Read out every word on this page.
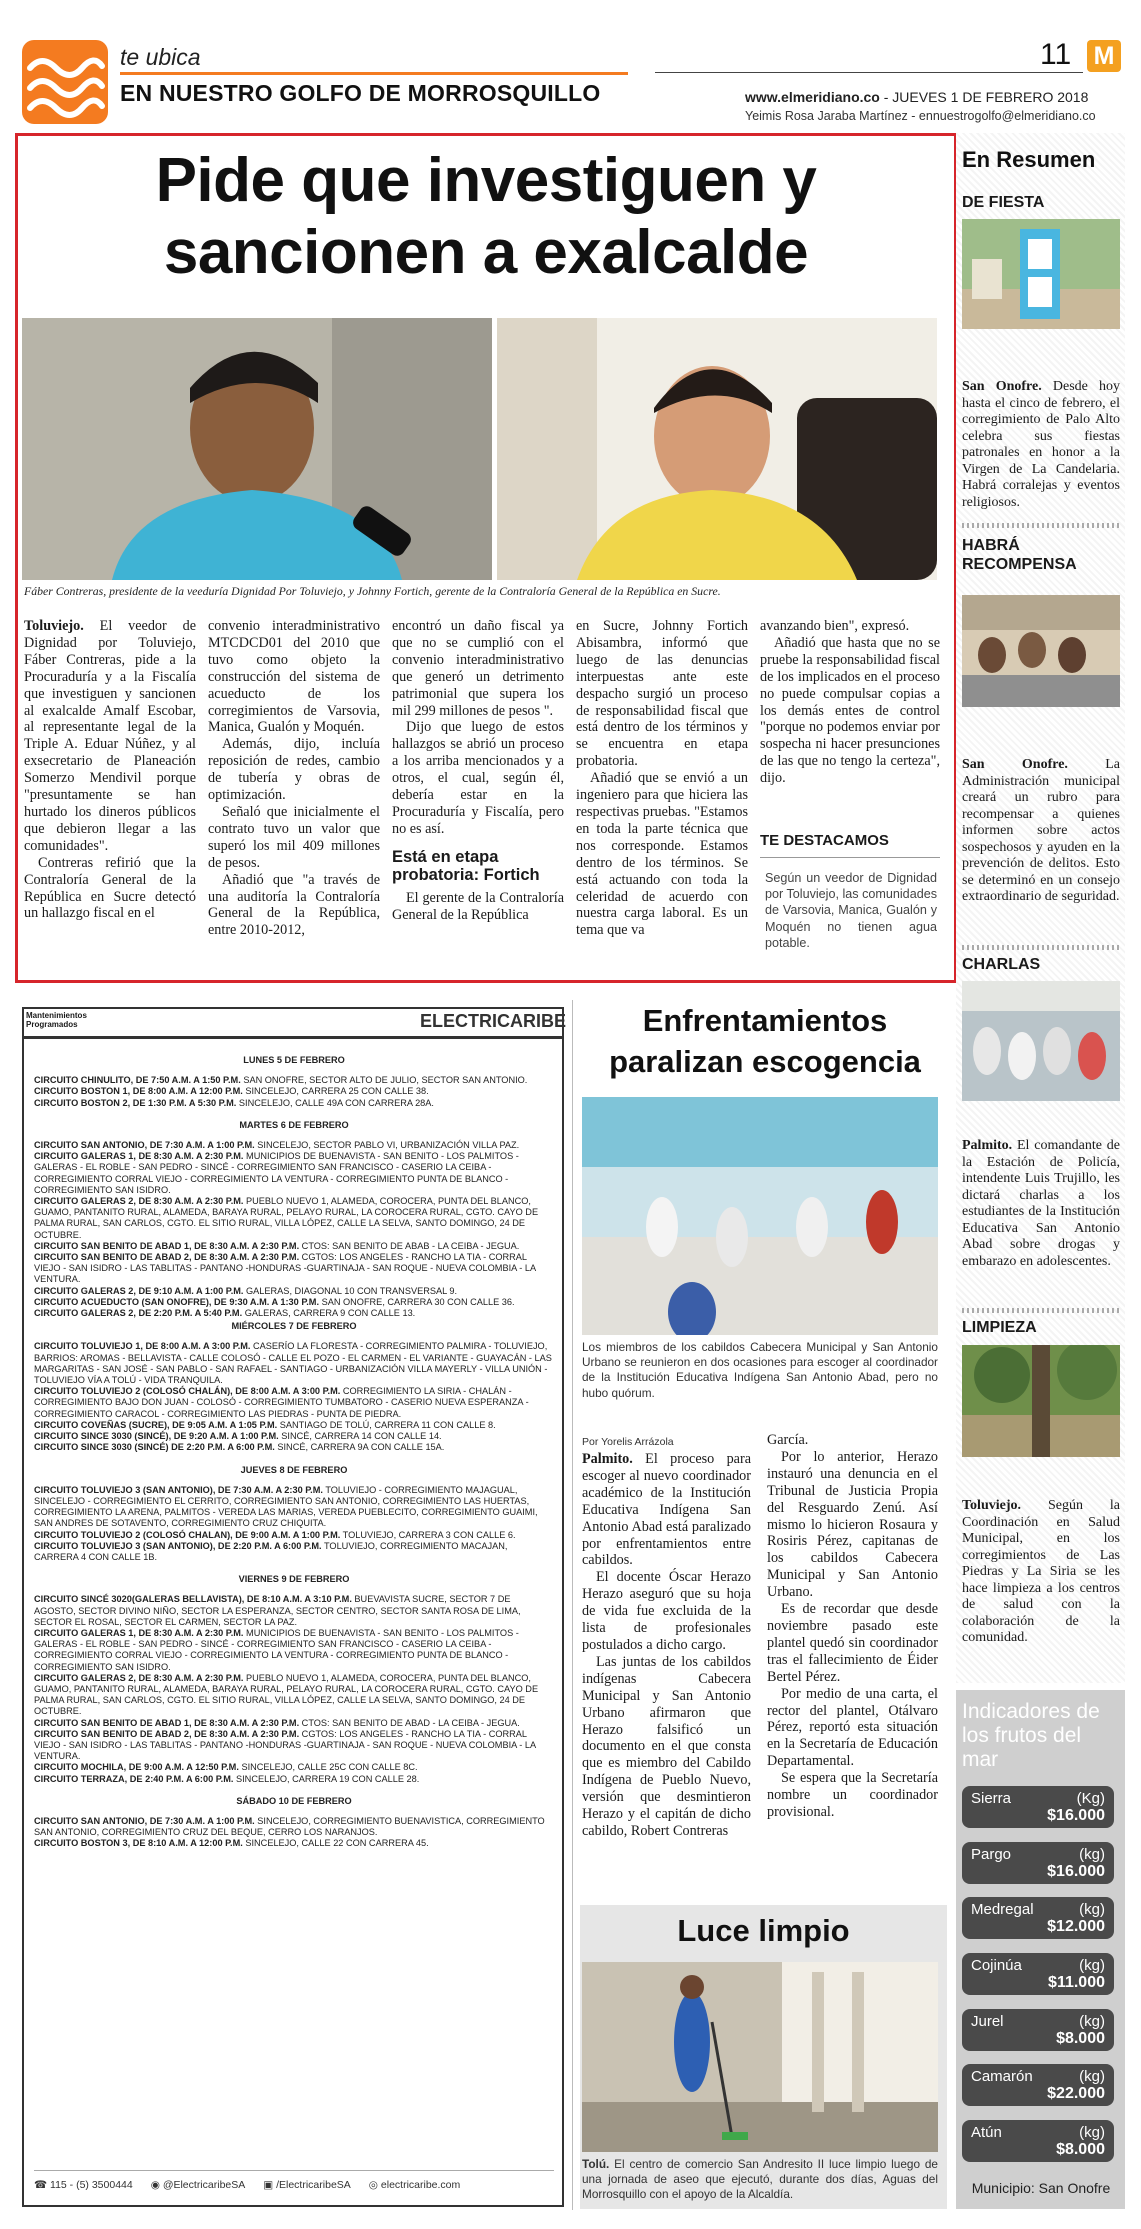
te ubica
EN NUESTRO GOLFO DE MORROSQUILLO
11 M
www.elmeridiano.co - JUEVES 1 DE FEBRERO 2018
Yeimis Rosa Jaraba Martínez - ennuestrogolfo@elmeridiano.co
Pide que investiguen y
sancionen a exalcalde
Fáber Contreras, presidente de la veeduría Dignidad Por Toluviejo, y Johnny Fortich, gerente de la Contraloría General de la República en Sucre.

Toluviejo. El veedor de Dignidad por Toluviejo, Fáber Contreras, pide a la Procuraduría y a la Fiscalía que investiguen y sancionen al exalcalde Amalf Escobar, al representante legal de la Triple A. Eduar Núñez, y al exsecretario de Planeación Somerzo Mendivil porque "presuntamente se han hurtado los dineros públicos que debieron llegar a las comunidades".

Contreras refirió que la Contraloría General de la República en Sucre detectó un hallazgo fiscal en el

convenio interadministrativo MTCDCD01 del 2010 que tuvo como objeto la construcción del sistema de acueducto de los corregimientos de Varsovia, Manica, Gualón y Moquén.

Además, dijo, incluía reposición de redes, cambio de tubería y obras de optimización.

Señaló que inicialmente el contrato tuvo un valor que superó los mil 409 millones de pesos.

Añadió que "a través de una auditoría la Contraloría General de la República, entre 2010-2012,

encontró un daño fiscal ya que no se cumplió con el convenio interadministrativo que generó un detrimento patrimonial que supera los mil 299 millones de pesos ".

Dijo que luego de estos hallazgos se abrió un proceso a los arriba mencionados y a otros, el cual, según él, debería estar en la Procuraduría y Fiscalía, pero no es así.

Está en etapa probatoria: Fortich

El gerente de la Contraloría General de la República

en Sucre, Johnny Fortich Abisambra, informó que luego de las denuncias interpuestas ante este despacho surgió un proceso de responsabilidad fiscal que está dentro de los términos y se encuentra en etapa probatoria.

Añadió que se envió a un ingeniero para que hiciera las respectivas pruebas. "Estamos en toda la parte técnica que nos corresponde. Estamos dentro de los términos. Se está actuando con toda la celeridad de acuerdo con nuestra carga laboral. Es un tema que va

avanzando bien", expresó.

Añadió que hasta que no se pruebe la responsabilidad fiscal de los implicados en el proceso no puede compulsar copias a los demás entes de control "porque no podemos enviar por sospecha ni hacer presunciones de las que no tengo la certeza", dijo.

TE DESTACAMOS
Según un veedor de Dignidad por Toluviejo, las comunidades de Varsovia, Manica, Gualón y Moquén no tienen agua potable.
En Resumen
DE FIESTA
San Onofre. Desde hoy hasta el cinco de febrero, el corregimiento de Palo Alto celebra sus fiestas patronales en honor a la Virgen de La Candelaria. Habrá corralejas y eventos religiosos.
HABRÁ RECOMPENSA
San Onofre. La Administración municipal creará un rubro para recompensar a quienes informen sobre actos sospechosos y ayuden en la prevención de delitos. Esto se determinó en un consejo extraordinario de seguridad.
CHARLAS
Palmito. El comandante de la Estación de Policía, intendente Luis Trujillo, les dictará charlas a los estudiantes de la Institución Educativa San Antonio Abad sobre drogas y embarazo en adolescentes.
LIMPIEZA
Toluviejo. Según la Coordinación en Salud Municipal, en los corregimientos de Las Piedras y La Siria se les hace limpieza a los centros de salud con la colaboración de la comunidad.
Indicadores de los frutos del mar
Sierra	(Kg)
$16.000
Pargo	(kg)
$16.000
Medregal	(kg)
$12.000
Cojinúa	(kg)
$11.000
Jurel	(kg)
$8.000
Camarón	(kg)
$22.000
Atún	(kg)
$8.000
Municipio: San Onofre
Mantenimientos Programados	ELECTRICARIBE
LUNES 5 DE FEBRERO

CIRCUITO CHINULITO, DE 7:50 A.M. A 1:50 P.M. SAN ONOFRE, SECTOR ALTO DE JULIO, SECTOR SAN ANTONIO.

CIRCUITO BOSTON 1, DE 8:00 A.M. A 12:00 P.M. SINCELEJO, CARRERA 25 CON CALLE 38.

CIRCUITO BOSTON 2, DE 1:30 P.M. A 5:30 P.M. SINCELEJO, CALLE 49A CON CARRERA 28A.

MARTES 6 DE FEBRERO

CIRCUITO SAN ANTONIO, DE 7:30 A.M. A 1:00 P.M. SINCELEJO, SECTOR PABLO VI, URBANIZACIÓN VILLA PAZ.

CIRCUITO GALERAS 1, DE 8:30 A.M. A 2:30 P.M. MUNICIPIOS DE BUENAVISTA - SAN BENITO - LOS PALMITOS - GALERAS - EL ROBLE - SAN PEDRO - SINCÉ - CORREGIMIENTO SAN FRANCISCO - CASERIO LA CEIBA - CORREGIMIENTO CORRAL VIEJO - CORREGIMIENTO LA VENTURA - CORREGIMIENTO PUNTA DE BLANCO - CORREGIMIENTO SAN ISIDRO.

CIRCUITO GALERAS 2, DE 8:30 A.M. A 2:30 P.M. PUEBLO NUEVO 1, ALAMEDA, COROCERA, PUNTA DEL BLANCO, GUAMO, PANTANITO RURAL, ALAMEDA, BARAYA RURAL, PELAYO RURAL, LA COROCERA RURAL, CGTO. CAYO DE PALMA RURAL, SAN CARLOS, CGTO. EL SITIO RURAL, VILLA LÓPEZ, CALLE LA SELVA, SANTO DOMINGO, 24 DE OCTUBRE.

CIRCUITO SAN BENITO DE ABAD 1, DE 8:30 A.M. A 2:30 P.M. CTOS: SAN BENITO DE ABAB - LA CEIBA - JEGUA.

CIRCUITO SAN BENITO DE ABAD 2, DE 8:30 A.M. A 2:30 P.M. CGTOS: LOS ANGELES - RANCHO LA TIA - CORRAL VIEJO - SAN ISIDRO - LAS TABLITAS - PANTANO -HONDURAS -GUARTINAJA - SAN ROQUE - NUEVA COLOMBIA - LA VENTURA.

CIRCUITO GALERAS 2, DE 9:10 A.M. A 1:00 P.M. GALERAS, DIAGONAL 10 CON TRANSVERSAL 9.

CIRCUITO ACUEDUCTO (SAN ONOFRE), DE 9:30 A.M. A 1:30 P.M. SAN ONOFRE, CARRERA 30 CON CALLE 36.

CIRCUITO GALERAS 2, DE 2:20 P.M. A 5:40 P.M. GALERAS, CARRERA 9 CON CALLE 13.

MIÉRCOLES 7 DE FEBRERO

CIRCUITO TOLUVIEJO 1, DE 8:00 A.M. A 3:00 P.M. CASERÍO LA FLORESTA - CORREGIMIENTO PALMIRA - TOLUVIEJO, BARRIOS: AROMAS - BELLAVISTA - CALLE COLOSÓ - CALLE EL POZO - EL CARMEN - EL VARIANTE - GUAYACÁN - LAS MARGARITAS - SAN JOSÉ - SAN PABLO - SAN RAFAEL - SANTIAGO - URBANIZACIÓN VILLA MAYERLY - VILLA UNIÓN - TOLUVIEJO VÍA A TOLÚ - VIDA TRANQUILA.

CIRCUITO TOLUVIEJO 2 (COLOSÓ CHALÁN), DE 8:00 A.M. A 3:00 P.M. CORREGIMIENTO LA SIRIA - CHALÁN - CORREGIMIENTO BAJO DON JUAN - COLOSÓ - CORREGIMIENTO TUMBATORO - CASERIO NUEVA ESPERANZA - CORREGIMIENTO CARACOL - CORREGIMIENTO LAS PIEDRAS - PUNTA DE PIEDRA.

CIRCUITO COVEÑAS (SUCRE), DE 9:05 A.M. A 1:05 P.M. SANTIAGO DE TOLÚ, CARRERA 11 CON CALLE 8.

CIRCUITO SINCE 3030 (SINCÉ), DE 9:20 A.M. A 1:00 P.M. SINCÉ, CARRERA 14 CON CALLE 14.

CIRCUITO SINCE 3030 (SINCÉ) DE 2:20 P.M. A 6:00 P.M. SINCÉ, CARRERA 9A CON CALLE 15A.

JUEVES 8 DE FEBRERO

CIRCUITO TOLUVIEJO 3 (SAN ANTONIO), DE 7:30 A.M. A 2:30 P.M. TOLUVIEJO - CORREGIMIENTO MAJAGUAL, SINCELEJO - CORREGIMIENTO EL CERRITO, CORREGIMIENTO SAN ANTONIO, CORREGIMIENTO LAS HUERTAS, CORREGIMIENTO LA ARENA, PALMITOS - VEREDA LAS MARIAS, VEREDA PUEBLECITO, CORREGIMIENTO GUAIMI, SAN ANDRES DE SOTAVENTO, CORREGIMIENTO CRUZ CHIQUITA.

CIRCUITO TOLUVIEJO 2 (COLOSÓ CHALAN), DE 9:00 A.M. A 1:00 P.M. TOLUVIEJO, CARRERA 3 CON CALLE 6.

CIRCUITO TOLUVIEJO 3 (SAN ANTONIO), DE 2:20 P.M. A 6:00 P.M. TOLUVIEJO, CORREGIMIENTO MACAJAN, CARRERA 4 CON CALLE 1B.

VIERNES 9 DE FEBRERO

CIRCUITO SINCÉ 3020(GALERAS BELLAVISTA), DE 8:10 A.M. A 3:10 P.M. BUEVAVISTA SUCRE, SECTOR 7 DE AGOSTO, SECTOR DIVINO NIÑO, SECTOR LA ESPERANZA, SECTOR CENTRO, SECTOR SANTA ROSA DE LIMA, SECTOR EL ROSAL, SECTOR EL CARMEN, SECTOR LA PAZ.

CIRCUITO GALERAS 1, DE 8:30 A.M. A 2:30 P.M. MUNICIPIOS DE BUENAVISTA - SAN BENITO - LOS PALMITOS - GALERAS - EL ROBLE - SAN PEDRO - SINCÉ - CORREGIMIENTO SAN FRANCISCO - CASERIO LA CEIBA - CORREGIMIENTO CORRAL VIEJO - CORREGIMIENTO LA VENTURA - CORREGIMIENTO PUNTA DE BLANCO - CORREGIMIENTO SAN ISIDRO.

CIRCUITO GALERAS 2, DE 8:30 A.M. A 2:30 P.M. PUEBLO NUEVO 1, ALAMEDA, COROCERA, PUNTA DEL BLANCO, GUAMO, PANTANITO RURAL, ALAMEDA, BARAYA RURAL, PELAYO RURAL, LA COROCERA RURAL, CGTO. CAYO DE PALMA RURAL, SAN CARLOS, CGTO. EL SITIO RURAL, VILLA LÓPEZ, CALLE LA SELVA, SANTO DOMINGO, 24 DE OCTUBRE.

CIRCUITO SAN BENITO DE ABAD 1, DE 8:30 A.M. A 2:30 P.M. CTOS: SAN BENITO DE ABAD - LA CEIBA - JEGUA.

CIRCUITO SAN BENITO DE ABAD 2, DE 8:30 A.M. A 2:30 P.M. CGTOS: LOS ANGELES - RANCHO LA TIA - CORRAL VIEJO - SAN ISIDRO - LAS TABLITAS - PANTANO -HONDURAS -GUARTINAJA - SAN ROQUE - NUEVA COLOMBIA - LA VENTURA.

CIRCUITO MOCHILA, DE 9:00 A.M. A 12:50 P.M. SINCELEJO, CALLE 25C CON CALLE 8C.

CIRCUITO TERRAZA, DE 2:40 P.M. A 6:00 P.M. SINCELEJO, CARRERA 19 CON CALLE 28.

SÁBADO 10 DE FEBRERO

CIRCUITO SAN ANTONIO, DE 7:30 A.M. A 1:00 P.M. SINCELEJO, CORREGIMIENTO BUENAVISTICA, CORREGIMIENTO SAN ANTONIO, CORREGIMIENTO CRUZ DEL BEQUE, CERRO LOS NARANJOS.

CIRCUITO BOSTON 3, DE 8:10 A.M. A 12:00 P.M. SINCELEJO, CALLE 22 CON CARRERA 45.

☎ 115 - (5) 3500444 ◉ @ElectricaribeSA ▣ /ElectricaribeSA ◎ electricaribe.com
Enfrentamientos
paralizan escogencia
Los miembros de los cabildos Cabecera Municipal y San Antonio Urbano se reunieron en dos ocasiones para escoger al coordinador de la Institución Educativa Indígena San Antonio Abad, pero no hubo quórum.
Por Yorelis Arrázola

Palmito. El proceso para escoger al nuevo coordinador académico de la Institución Educativa Indígena San Antonio Abad está paralizado por enfrentamientos entre cabildos.

El docente Óscar Herazo Herazo aseguró que su hoja de vida fue excluida de la lista de profesionales postulados a dicho cargo.

Las juntas de los cabildos indígenas Cabecera Municipal y San Antonio Urbano afirmaron que Herazo falsificó un documento en el que consta que es miembro del Cabildo Indígena de Pueblo Nuevo, versión que desmintieron Herazo y el capitán de dicho cabildo, Robert Contreras

García.

Por lo anterior, Herazo instauró una denuncia en el Tribunal de Justicia Propia del Resguardo Zenú. Así mismo lo hicieron Rosaura y Rosiris Pérez, capitanas de los cabildos Cabecera Municipal y San Antonio Urbano.

Es de recordar que desde noviembre pasado este plantel quedó sin coordinador tras el fallecimiento de Éider Bertel Pérez.

Por medio de una carta, el rector del plantel, Otálvaro Pérez, reportó esta situación en la Secretaría de Educación Departamental.

Se espera que la Secretaría nombre un coordinador provisional.

Luce limpio
Tolú. El centro de comercio San Andresito II luce limpio luego de una jornada de aseo que ejecutó, durante dos días, Aguas del Morrosquillo con el apoyo de la Alcaldía.
